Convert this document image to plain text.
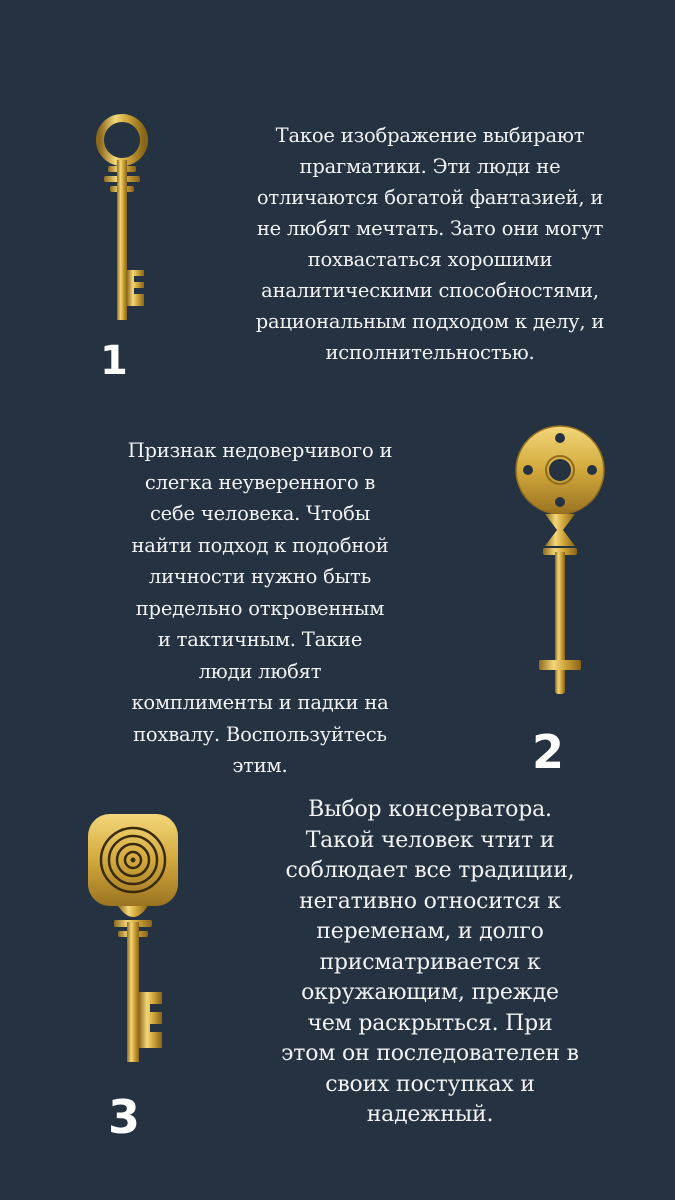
1
Такое изображение выбирают
прагматики. Эти люди не
отличаются богатой фантазией, и
не любят мечтать. Зато они могут
похвастаться хорошими
аналитическими способностями,
рациональным подходом к делу, и
исполнительностью.
2
Признак недоверчивого и
слегка неуверенного в
себе человека. Чтобы
найти подход к подобной
личности нужно быть
предельно откровенным
и тактичным. Такие
люди любят
комплименты и падки на
похвалу. Воспользуйтесь
этим.
3
Выбор консерватора.
Такой человек чтит и
соблюдает все традиции,
негативно относится к
переменам, и долго
присматривается к
окружающим, прежде
чем раскрыться. При
этом он последователен в
своих поступках и
надежный.
